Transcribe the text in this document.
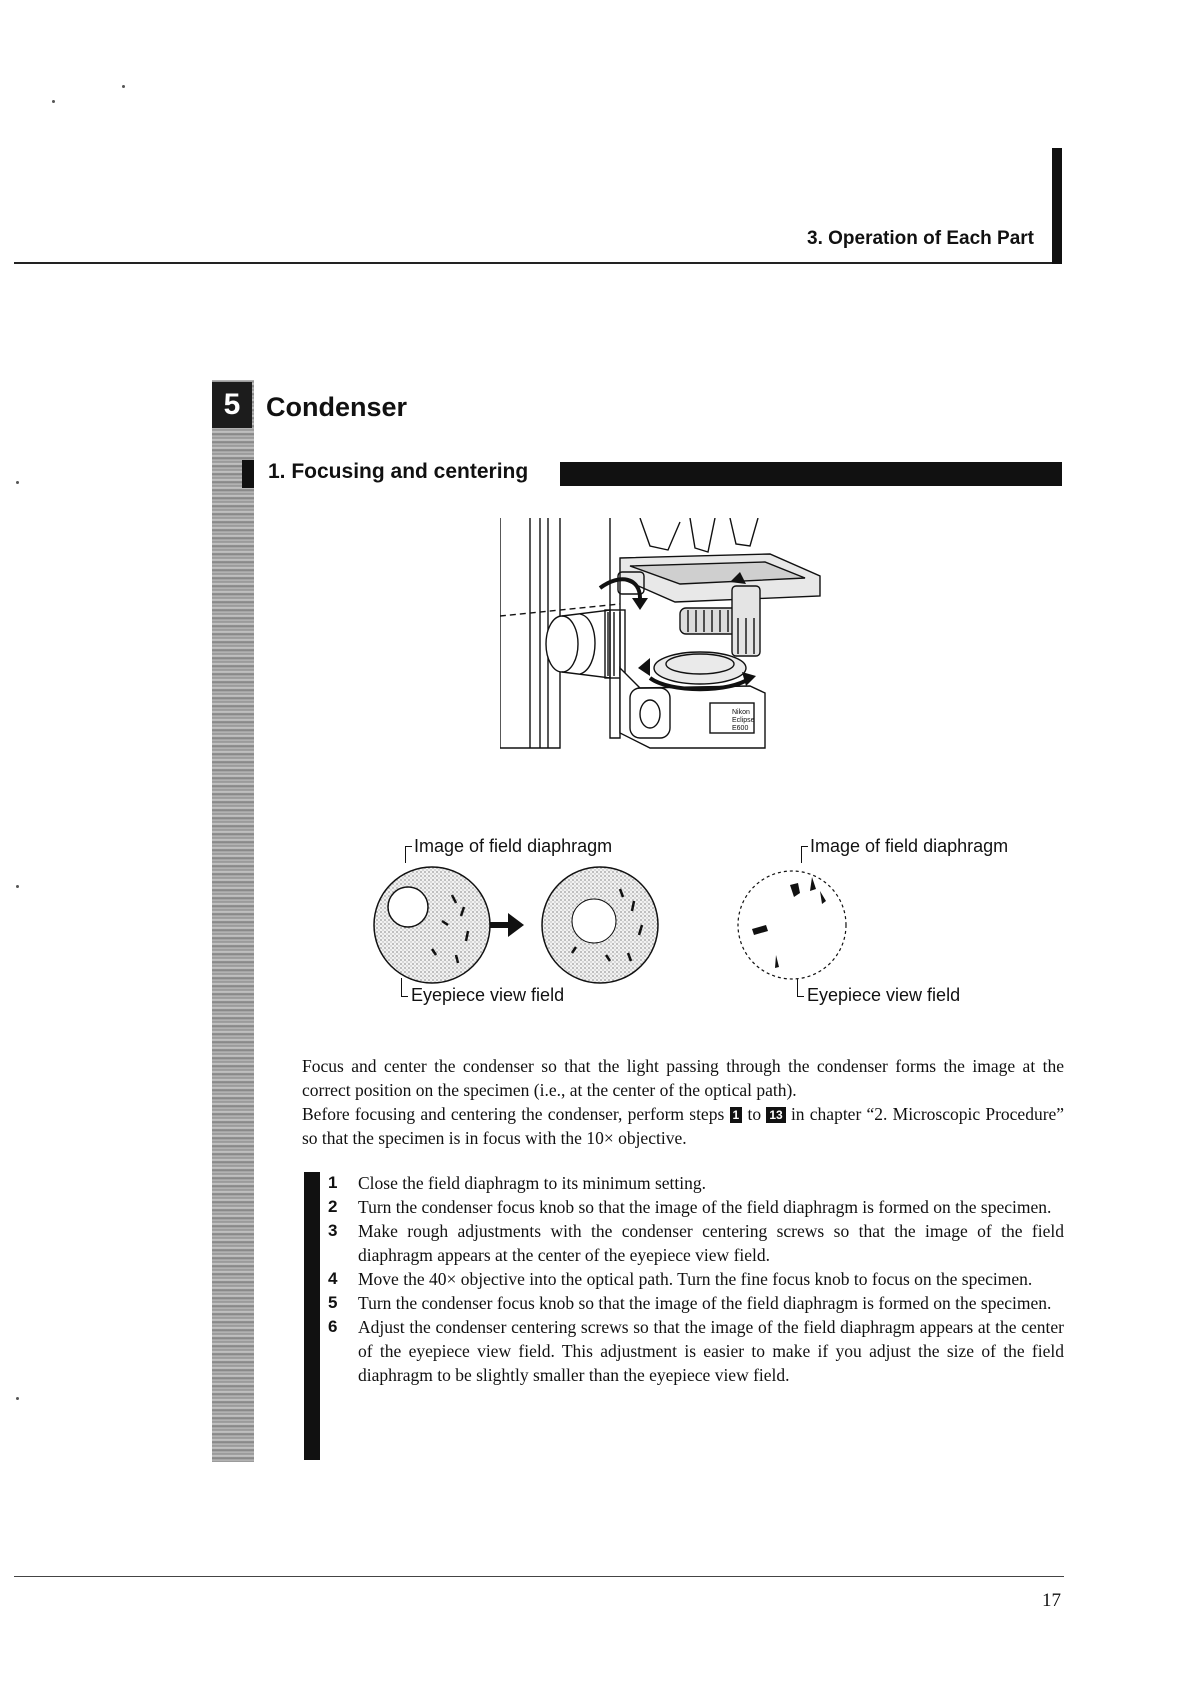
3. Operation of Each Part
5 Condenser
1. Focusing and centering
Nikon
Eclipse
E600
Image of field diaphragm
Eyepiece view field
Image of field diaphragm
Eyepiece view field
Focus and center the condenser so that the light passing through the condenser forms the image at the correct position on the specimen (i.e., at the center of the optical path).
Before focusing and centering the condenser, perform steps 1 to 13 in chapter “2. Microscopic Procedure” so that the specimen is in focus with the 10× objective.
1 Close the field diaphragm to its minimum setting.
2 Turn the condenser focus knob so that the image of the field diaphragm is formed on the specimen.
3 Make rough adjustments with the condenser centering screws so that the image of the field diaphragm appears at the center of the eyepiece view field.
4 Move the 40× objective into the optical path. Turn the fine focus knob to focus on the specimen.
5 Turn the condenser focus knob so that the image of the field diaphragm is formed on the specimen.
6 Adjust the condenser centering screws so that the image of the field diaphragm appears at the center of the eyepiece view field. This adjustment is easier to make if you adjust the size of the field diaphragm to be slightly smaller than the eyepiece view field.
17
